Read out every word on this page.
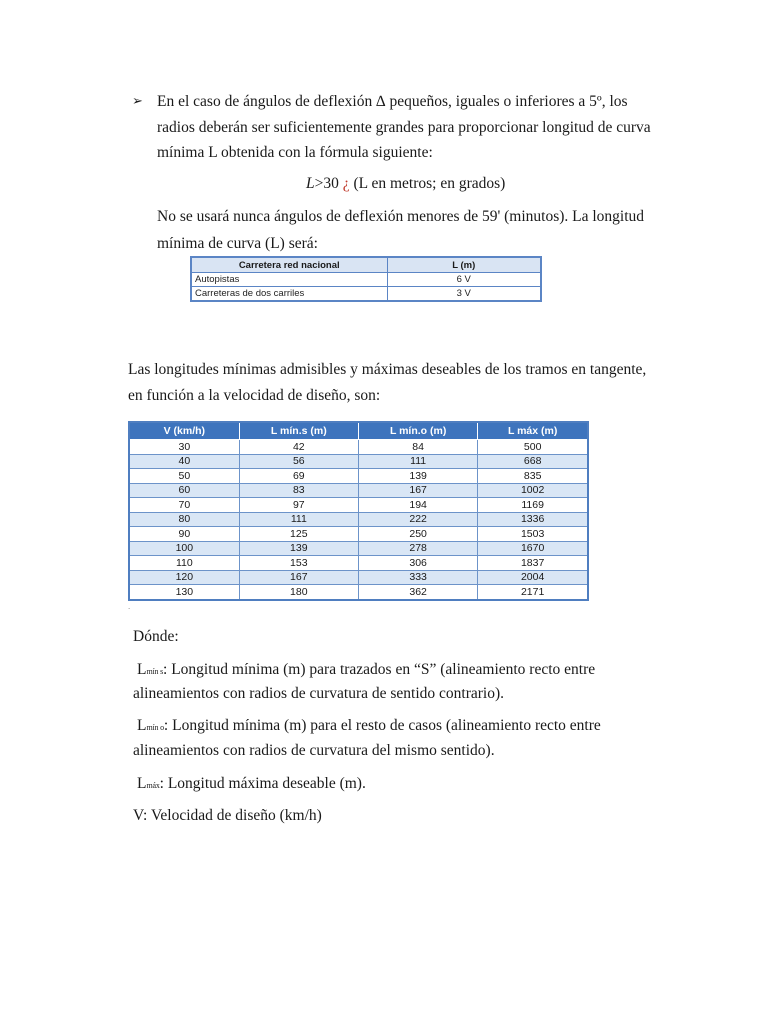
➢ En el caso de ángulos de deflexión ∆ pequeños, iguales o inferiores a 5º, los
radios deberán ser suficientemente grandes para proporcionar longitud de curva
mínima L obtenida con la fórmula siguiente:
L>30 ¿ (L en metros; en grados)
No se usará nunca ángulos de deflexión menores de 59' (minutos). La longitud
mínima de curva (L) será:
Carretera red nacional	L (m)
Autopistas	6 V
Carreteras de dos carriles	3 V
Las longitudes mínimas admisibles y máximas deseables de los tramos en tangente,
en función a la velocidad de diseño, son:
V (km/h)	L mín.s (m)	L mín.o (m)	L máx (m)
30	42	84	500
40	56	111	668
50	69	139	835
60	83	167	1002
70	97	194	1169
80	111	222	1336
90	125	250	1503
100	139	278	1670
110	153	306	1837
120	167	333	2004
130	180	362	2171
.
Dónde:
Lmín s: Longitud mínima (m) para trazados en “S” (alineamiento recto entre
alineamientos con radios de curvatura de sentido contrario).
Lmín o: Longitud mínima (m) para el resto de casos (alineamiento recto entre
alineamientos con radios de curvatura del mismo sentido).
Lmáx: Longitud máxima deseable (m).
V: Velocidad de diseño (km/h)
